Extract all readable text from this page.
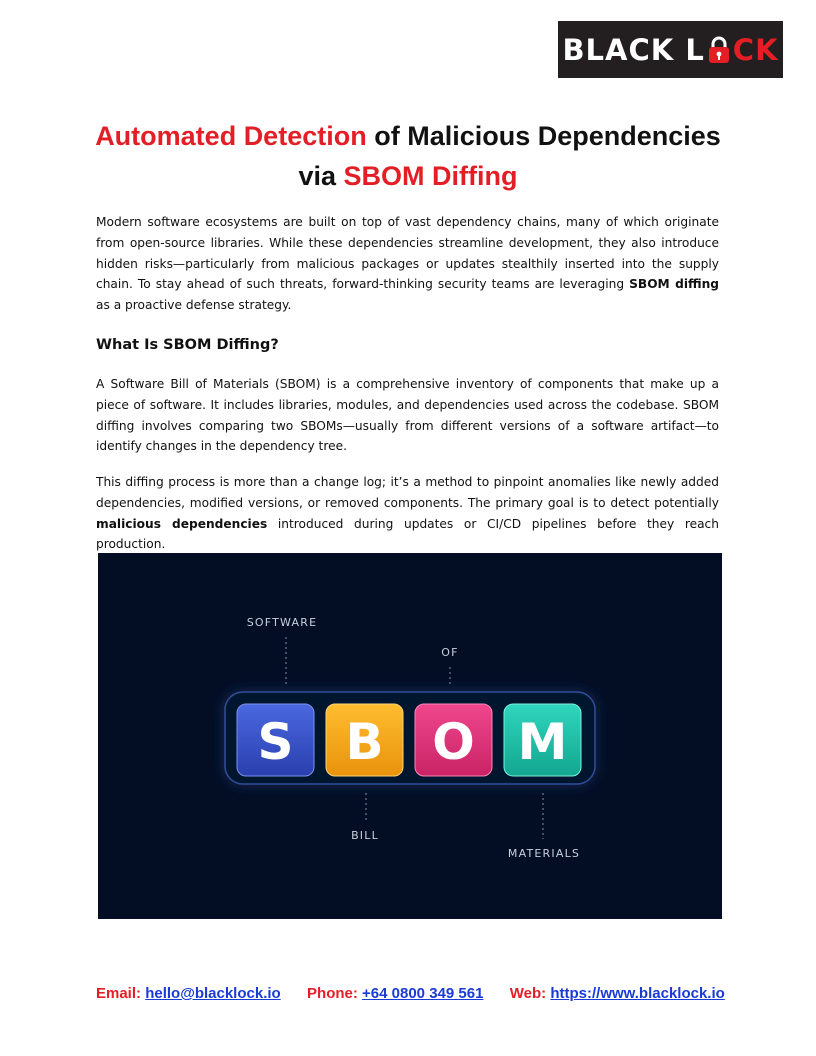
BLACK L CK
Automated Detection of Malicious Dependencies
via SBOM Diffing

Modern software ecosystems are built on top of vast dependency chains, many of which originate from open-source libraries. While these dependencies streamline development, they also introduce hidden risks—particularly from malicious packages or updates stealthily inserted into the supply chain. To stay ahead of such threats, forward-thinking security teams are leveraging SBOM diffing as a proactive defense strategy.

What Is SBOM Diffing?

A Software Bill of Materials (SBOM) is a comprehensive inventory of components that make up a piece of software. It includes libraries, modules, and dependencies used across the codebase. SBOM diffing involves comparing two SBOMs—usually from different versions of a software artifact—to identify changes in the dependency tree.

This diffing process is more than a change log; it’s a method to pinpoint anomalies like newly added dependencies, modified versions, or removed components. The primary goal is to detect potentially malicious dependencies introduced during updates or CI/CD pipelines before they reach production.

S B O M
SOFTWARE
BILL
OF
MATERIALS
Email: hello@blacklock.io Phone: +64 0800 349 561 Web: https://www.blacklock.io
